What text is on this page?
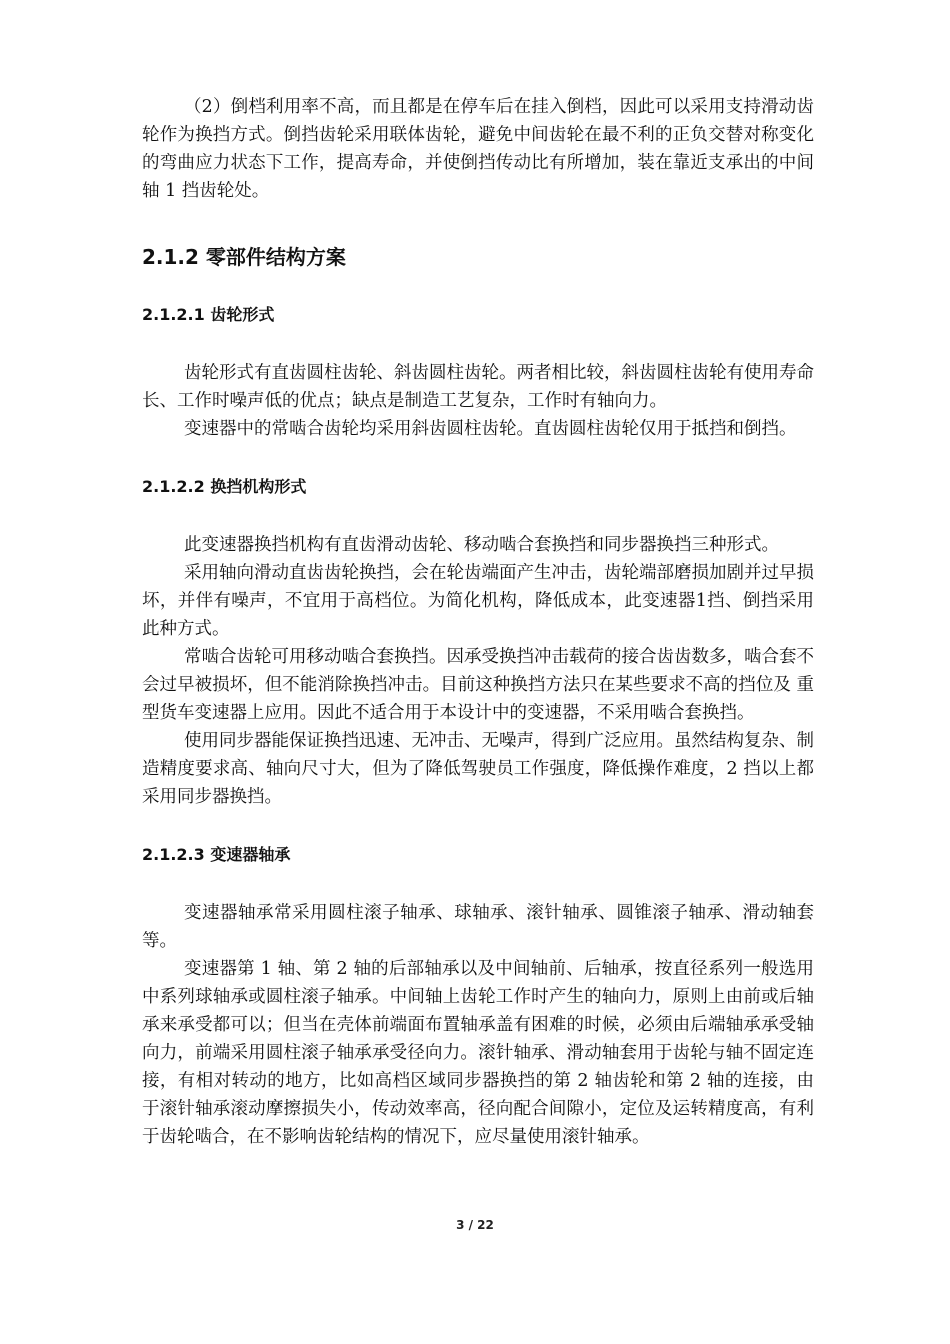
（2）倒档利用率不高，而且都是在停车后在挂入倒档，因此可以采用支持滑动齿轮作为换挡方式。倒挡齿轮采用联体齿轮，避免中间齿轮在最不利的正负交替对称变化的弯曲应力状态下工作，提高寿命，并使倒挡传动比有所增加，装在靠近支承出的中间轴 1 挡齿轮处。

2.1.2 零部件结构方案
2.1.2.1 齿轮形式

齿轮形式有直齿圆柱齿轮、斜齿圆柱齿轮。两者相比较，斜齿圆柱齿轮有使用寿命长、工作时噪声低的优点；缺点是制造工艺复杂，工作时有轴向力。

变速器中的常啮合齿轮均采用斜齿圆柱齿轮。直齿圆柱齿轮仅用于抵挡和倒挡。

2.1.2.2 换挡机构形式

此变速器换挡机构有直齿滑动齿轮、移动啮合套换挡和同步器换挡三种形式。

采用轴向滑动直齿齿轮换挡，会在轮齿端面产生冲击，齿轮端部磨损加剧并过早损坏，并伴有噪声，不宜用于高档位。为简化机构，降低成本，此变速器1挡、倒挡采用此种方式。

常啮合齿轮可用移动啮合套换挡。因承受换挡冲击载荷的接合齿齿数多，啮合套不会过早被损坏，但不能消除换挡冲击。目前这种换挡方法只在某些要求不高的挡位及 重型货车变速器上应用。因此不适合用于本设计中的变速器，不采用啮合套换挡。

使用同步器能保证换挡迅速、无冲击、无噪声，得到广泛应用。虽然结构复杂、制造精度要求高、轴向尺寸大，但为了降低驾驶员工作强度，降低操作难度，2 挡以上都采用同步器换挡。

2.1.2.3 变速器轴承

变速器轴承常采用圆柱滚子轴承、球轴承、滚针轴承、圆锥滚子轴承、滑动轴套等。

变速器第 1 轴、第 2 轴的后部轴承以及中间轴前、后轴承，按直径系列一般选用中系列球轴承或圆柱滚子轴承。中间轴上齿轮工作时产生的轴向力，原则上由前或后轴承来承受都可以；但当在壳体前端面布置轴承盖有困难的时候，必须由后端轴承承受轴向力，前端采用圆柱滚子轴承承受径向力。滚针轴承、滑动轴套用于齿轮与轴不固定连接，有相对转动的地方，比如高档区域同步器换挡的第 2 轴齿轮和第 2 轴的连接，由于滚针轴承滚动摩擦损失小，传动效率高，径向配合间隙小，定位及运转精度高，有利于齿轮啮合，在不影响齿轮结构的情况下，应尽量使用滚针轴承。

3 / 22
